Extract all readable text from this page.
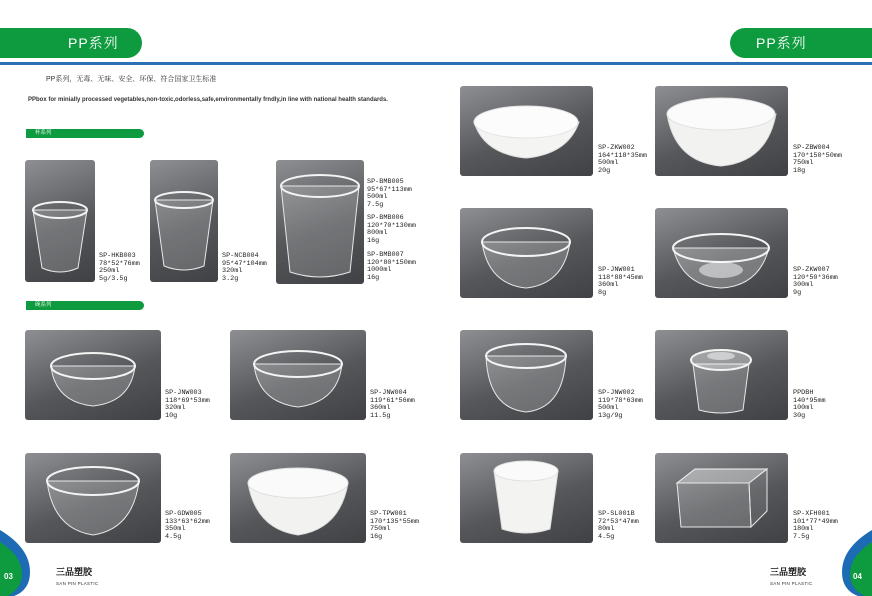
PP系列	PP系列
PP系列，无毒、无味、安全、环保、符合国家卫生标准
PPbox for minially processed vegetables,non-toxic,odorless,safe,environmentally frndly,in line with national health standards.
杯系列
碗系列
SP-HKB003
78*52*76mm
250ml
5g/3.5g
SP-NCB004
95*47*104mm
320ml
3.2g
SP-BMB005
95*67*113mm
500ml
7.5g
SP-BMB006
120*70*130mm
800ml
16g
SP-BMB007
120*80*150mm
1000ml
16g
SP-JNW003
118*69*53mm
320ml
10g
SP-JNW004
119*61*56mm
360ml
11.5g
SP-GDW005
133*63*62mm
350ml
4.5g
SP-TPW001
170*135*55mm
750ml
16g
SP-ZKW002
164*118*35mm
500ml
20g
SP-ZBW004
170*150*50mm
750ml
18g
SP-JNW001
118*88*45mm
360ml
8g
SP-ZKW007
120*50*36mm
300ml
9g
SP-JNW002
119*78*63mm
500ml
13g/9g
PPDBH
140*95mm
100ml
30g
SP-SL001B
72*53*47mm
80ml
4.5g
SP-XFH001
101*77*49mm
180ml
7.5g
03	04
三品塑胶
SAN PIN PLASTIC
三品塑胶
SAN PIN PLASTIC
